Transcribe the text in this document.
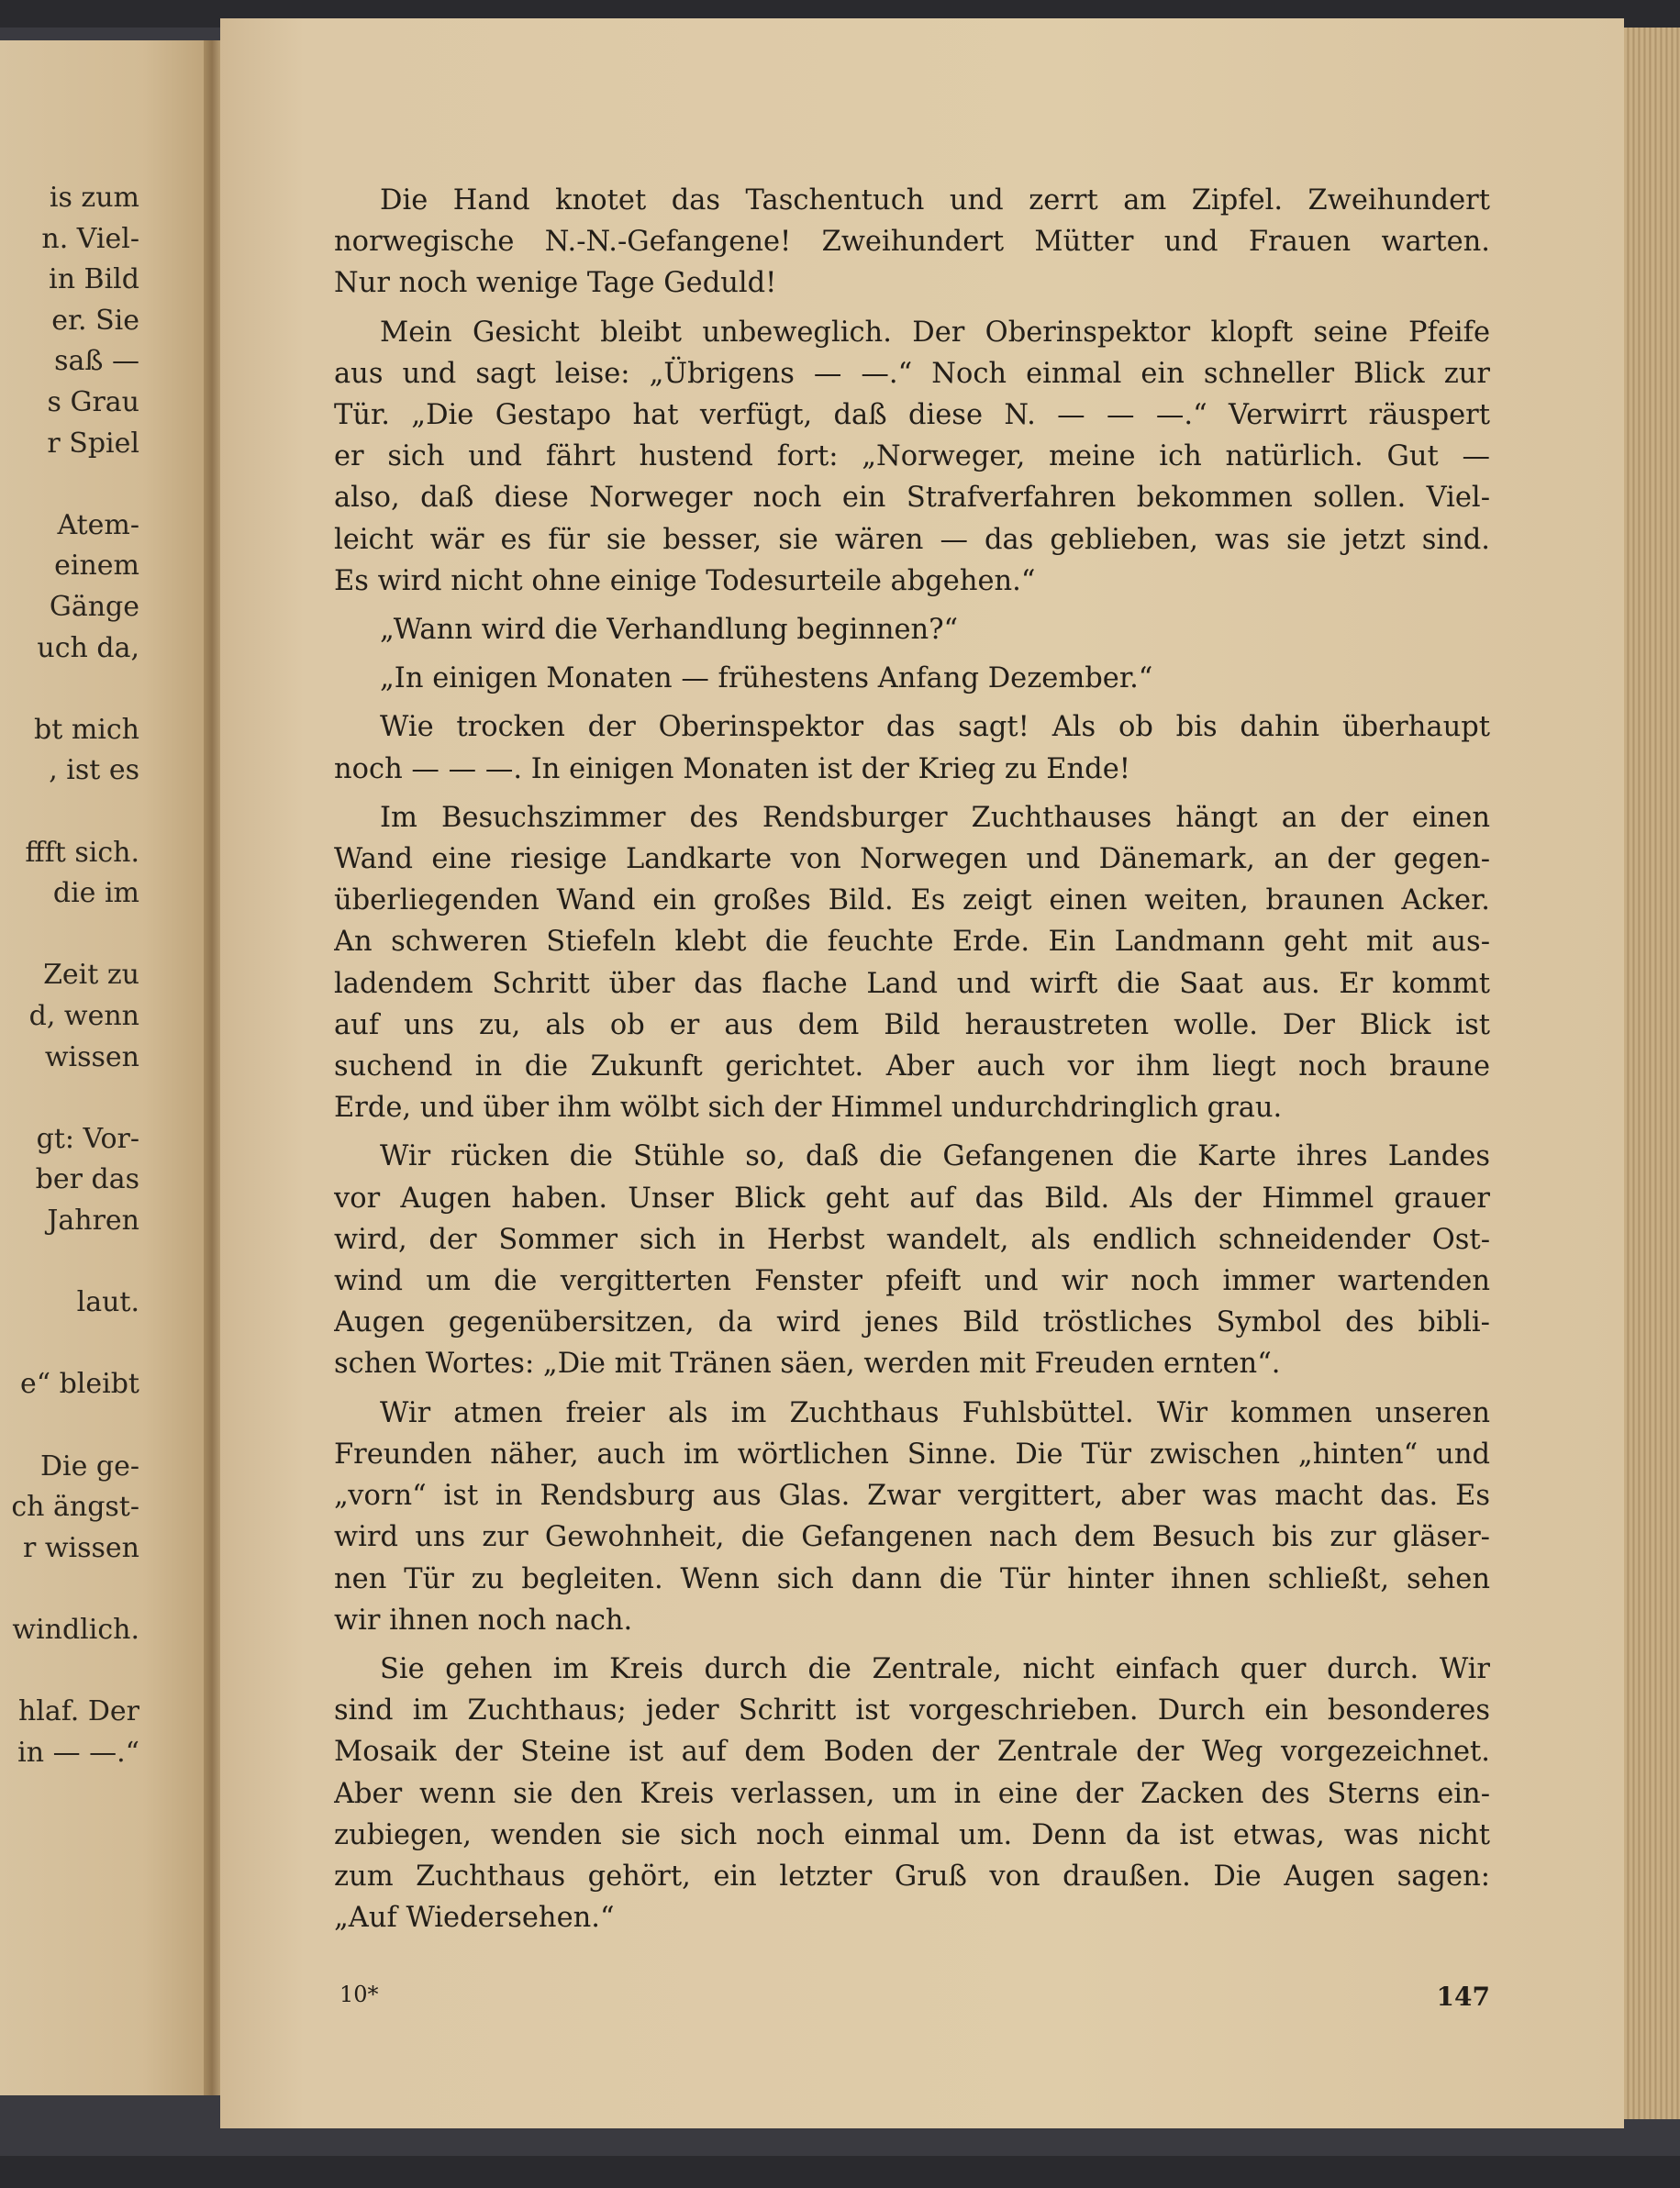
is zum
n. Viel-
in Bild
er. Sie
saß —
s Grau
r Spiel
Atem-
einem
Gänge
uch da,
bt mich
, ist es
ffft sich.
die im
Zeit zu
d, wenn
wissen
gt: Vor-
ber das
Jahren
laut.
e“ bleibt
Die ge-
ch ängst-
r wissen
windlich.
hlaf. Der
in — —.“
Die Hand knotet das Taschentuch und zerrt am Zipfel. Zweihundert
norwegische N.-N.-Gefangene! Zweihundert Mütter und Frauen warten.
Nur noch wenige Tage Geduld!
Mein Gesicht bleibt unbeweglich. Der Oberinspektor klopft seine Pfeife
aus und sagt leise: „Übrigens — —.“ Noch einmal ein schneller Blick zur
Tür. „Die Gestapo hat verfügt, daß diese N. — — —.“ Verwirrt räuspert
er sich und fährt hustend fort: „Norweger, meine ich natürlich. Gut —
also, daß diese Norweger noch ein Strafverfahren bekommen sollen. Viel-
leicht wär es für sie besser, sie wären — das geblieben, was sie jetzt sind.
Es wird nicht ohne einige Todesurteile abgehen.“
„Wann wird die Verhandlung beginnen?“
„In einigen Monaten — frühestens Anfang Dezember.“
Wie trocken der Oberinspektor das sagt! Als ob bis dahin überhaupt
noch — — —. In einigen Monaten ist der Krieg zu Ende!
Im Besuchszimmer des Rendsburger Zuchthauses hängt an der einen
Wand eine riesige Landkarte von Norwegen und Dänemark, an der gegen-
überliegenden Wand ein großes Bild. Es zeigt einen weiten, braunen Acker.
An schweren Stiefeln klebt die feuchte Erde. Ein Landmann geht mit aus-
ladendem Schritt über das flache Land und wirft die Saat aus. Er kommt
auf uns zu, als ob er aus dem Bild heraustreten wolle. Der Blick ist
suchend in die Zukunft gerichtet. Aber auch vor ihm liegt noch braune
Erde, und über ihm wölbt sich der Himmel undurchdringlich grau.
Wir rücken die Stühle so, daß die Gefangenen die Karte ihres Landes
vor Augen haben. Unser Blick geht auf das Bild. Als der Himmel grauer
wird, der Sommer sich in Herbst wandelt, als endlich schneidender Ost-
wind um die vergitterten Fenster pfeift und wir noch immer wartenden
Augen gegenübersitzen, da wird jenes Bild tröstliches Symbol des bibli-
schen Wortes: „Die mit Tränen säen, werden mit Freuden ernten“.
Wir atmen freier als im Zuchthaus Fuhlsbüttel. Wir kommen unseren
Freunden näher, auch im wörtlichen Sinne. Die Tür zwischen „hinten“ und
„vorn“ ist in Rendsburg aus Glas. Zwar vergittert, aber was macht das. Es
wird uns zur Gewohnheit, die Gefangenen nach dem Besuch bis zur gläser-
nen Tür zu begleiten. Wenn sich dann die Tür hinter ihnen schließt, sehen
wir ihnen noch nach.
Sie gehen im Kreis durch die Zentrale, nicht einfach quer durch. Wir
sind im Zuchthaus; jeder Schritt ist vorgeschrieben. Durch ein besonderes
Mosaik der Steine ist auf dem Boden der Zentrale der Weg vorgezeichnet.
Aber wenn sie den Kreis verlassen, um in eine der Zacken des Sterns ein-
zubiegen, wenden sie sich noch einmal um. Denn da ist etwas, was nicht
zum Zuchthaus gehört, ein letzter Gruß von draußen. Die Augen sagen:
„Auf Wiedersehen.“
10*	147
